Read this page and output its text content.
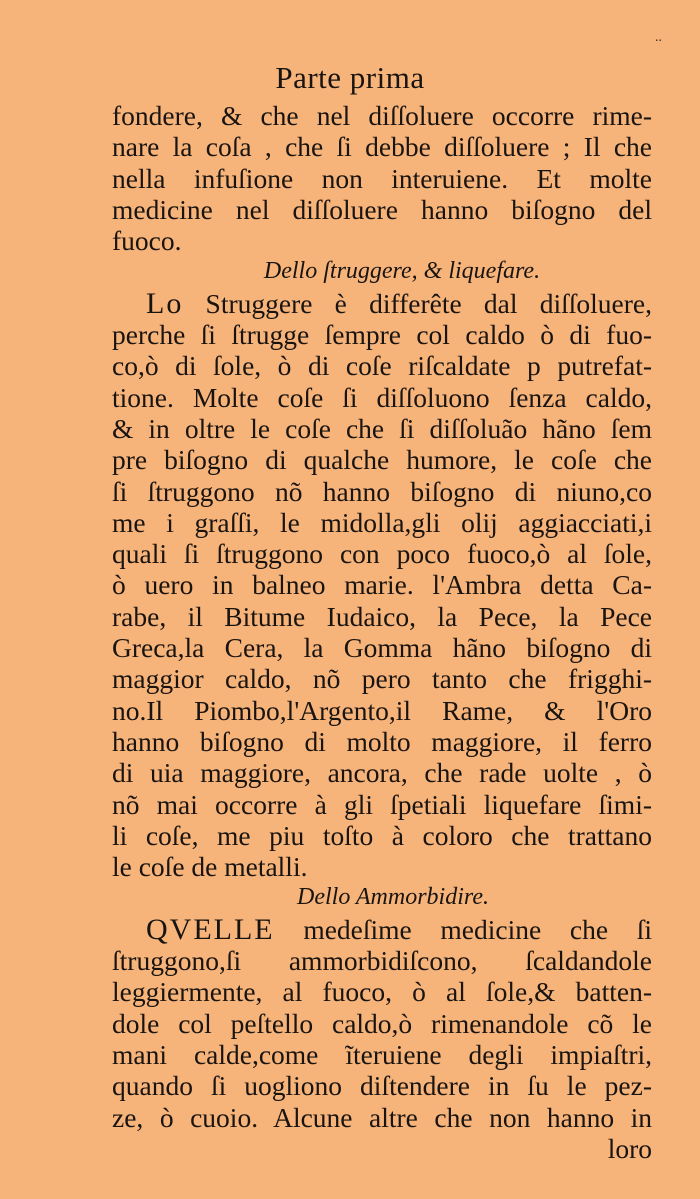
..
Parte prima
fondere, & che nel diſſoluere occorre rime-
nare la coſa , che ſi debbe diſſoluere ; Il che
nella infuſione non interuiene. Et molte
medicine nel diſſoluere hanno biſogno del
fuoco.
Dello ſtruggere, & liquefare.
Lo Struggere è differête dal diſſoluere,
perche ſi ſtrugge ſempre col caldo ò di fuo-
co,ò di ſole, ò di coſe riſcaldate p putrefat-
tione. Molte coſe ſi diſſoluono ſenza caldo,
& in oltre le coſe che ſi diſſoluão hãno ſem
pre biſogno di qualche humore, le coſe che
ſi ſtruggono nõ hanno biſogno di niuno,co
me i graſſi, le midolla,gli olij aggiacciati,i
quali ſi ſtruggono con poco fuoco,ò al ſole,
ò uero in balneo marie. l'Ambra detta Ca-
rabe, il Bitume Iudaico, la Pece, la Pece
Greca,la Cera, la Gomma hãno biſogno di
maggior caldo, nõ pero tanto che frigghi-
no.Il Piombo,l'Argento,il Rame, & l'Oro
hanno biſogno di molto maggiore, il ferro
di uia maggiore, ancora, che rade uolte , ò
nõ mai occorre à gli ſpetiali liquefare ſimi-
li coſe, me piu toſto à coloro che trattano
le coſe de metalli.
Dello Ammorbidire.
QVELLE medeſime medicine che ſi
ſtruggono,ſi ammorbidiſcono, ſcaldandole
leggiermente, al fuoco, ò al ſole,& batten-
dole col peſtello caldo,ò rimenandole cõ le
mani calde,come ĩteruiene degli impiaſtri,
quando ſi uogliono diſtendere in ſu le pez-
ze, ò cuoio. Alcune altre che non hanno in
loro
